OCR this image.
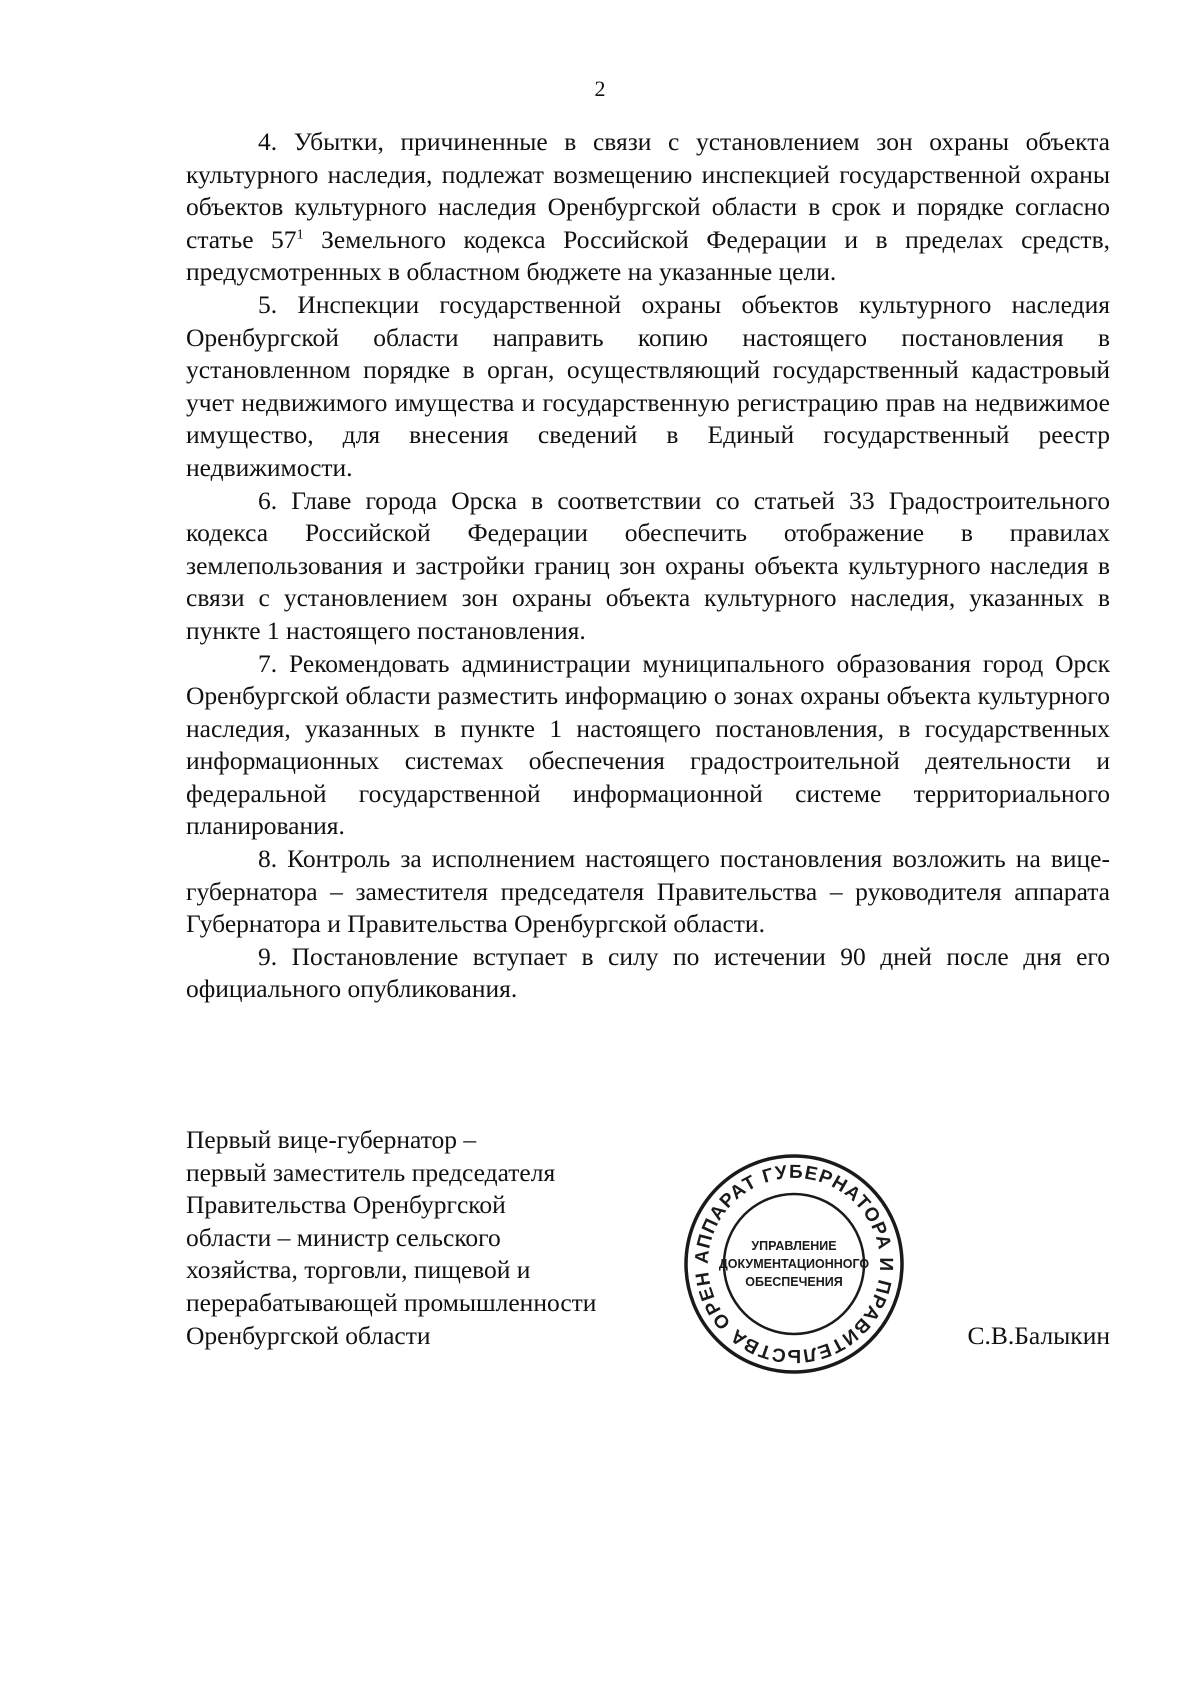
2

4. Убытки, причиненные в связи с установлением зон охраны объекта культурного наследия, подлежат возмещению инспекцией государственной охраны объектов культурного наследия Оренбургской области в срок и порядке согласно статье $57^1$ Земельного кодекса Российской Федерации и в пределах средств, предусмотренных в областном бюджете на указанные цели.

5. Инспекции государственной охраны объектов культурного наследия Оренбургской области направить копию настоящего постановления в установленном порядке в орган, осуществляющий государственный кадастровый учет недвижимого имущества и государственную регистрацию прав на недвижимое имущество, для внесения сведений в Единый государственный реестр недвижимости.

6. Главе города Орска в соответствии со статьей 33 Градостроительного кодекса Российской Федерации обеспечить отображение в правилах землепользования и застройки границ зон охраны объекта культурного наследия в связи с установлением зон охраны объекта культурного наследия, указанных в пункте 1 настоящего постановления.

7. Рекомендовать администрации муниципального образования город Орск Оренбургской области разместить информацию о зонах охраны объекта культурного наследия, указанных в пункте 1 настоящего постановления, в государственных информационных системах обеспечения градостроительной деятельности и федеральной государственной информационной системе территориального планирования.

8. Контроль за исполнением настоящего постановления возложить на вице-губернатора – заместителя председателя Правительства – руководителя аппарата Губернатора и Правительства Оренбургской области.

9. Постановление вступает в силу по истечении 90 дней после дня его официального опубликования.

Первый вице-губернатор –
первый заместитель председателя
Правительства Оренбургской
области – министр сельского
хозяйства, торговли, пищевой и
перерабатывающей промышленности
Оренбургской области
АППАРАТ ГУБЕРНАТОРА И ПРАВИТЕЛЬСТВА ОРЕН
УПРАВЛЕНИЕ
ДОКУМЕНТАЦИОННОГО
ОБЕСПЕЧЕНИЯ
С.В.Балыкин
